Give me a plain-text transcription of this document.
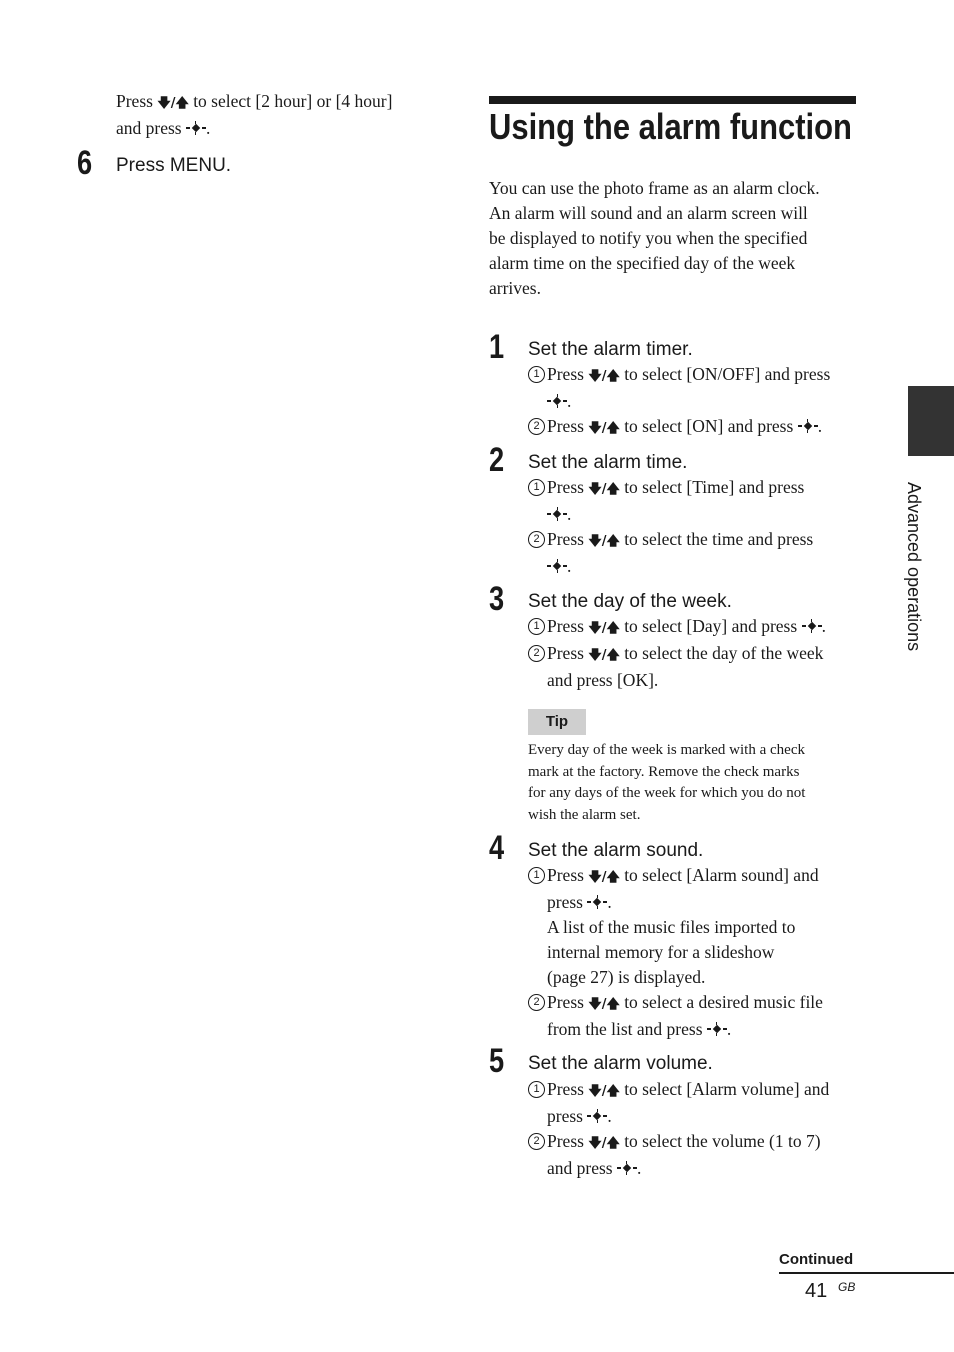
Press 🡇/🡅 to select [2 hour] or [4 hour]
and press .
6 Press MENU.
Using the alarm function
You can use the photo frame as an alarm clock.
An alarm will sound and an alarm screen will
be displayed to notify you when the specified
alarm time on the specified day of the week
arrives.
1 Set the alarm timer.
1 Press 🡇/🡅 to select [ON/OFF] and press

.
2 Press 🡇/🡅 to select [ON] and press .
2 Set the alarm time.
1 Press 🡇/🡅 to select [Time] and press

.
2 Press 🡇/🡅 to select the time and press

.
3 Set the day of the week.
1 Press 🡇/🡅 to select [Day] and press .
2 Press 🡇/🡅 to select the day of the week
and press [OK].
Tip
Every day of the week is marked with a check
mark at the factory. Remove the check marks
for any days of the week for which you do not
wish the alarm set.
4 Set the alarm sound.
1 Press 🡇/🡅 to select [Alarm sound] and
press .
A list of the music files imported to
internal memory for a slideshow
(page 27) is displayed.
2 Press 🡇/🡅 to select a desired music file
from the list and press .
5 Set the alarm volume.
1 Press 🡇/🡅 to select [Alarm volume] and
press .
2 Press 🡇/🡅 to select the volume (1 to 7)
and press .
Advanced operations
Continued
41 GB
